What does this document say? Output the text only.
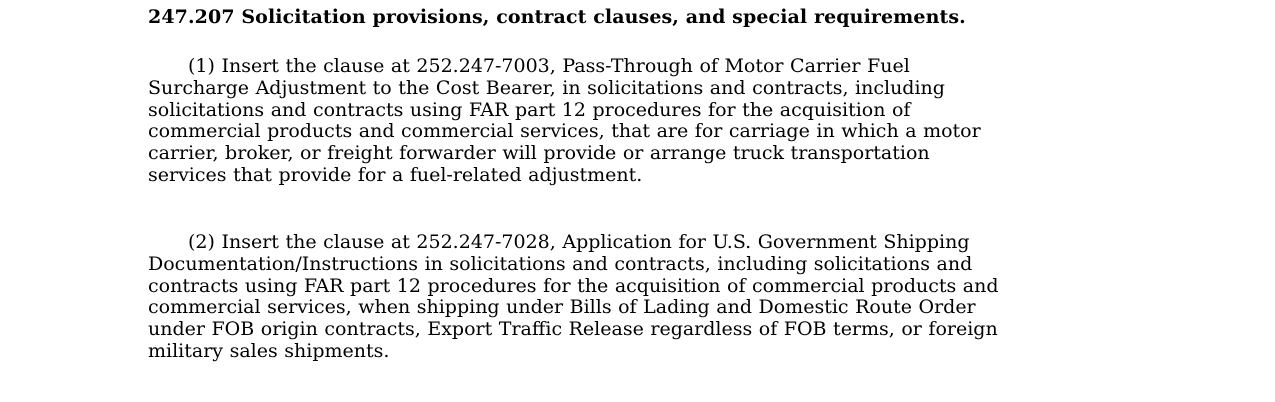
247.207 Solicitation provisions, contract clauses, and special requirements.

(1) Insert the clause at 252.247-7003, Pass-Through of Motor Carrier Fuel
Surcharge Adjustment to the Cost Bearer, in solicitations and contracts, including
solicitations and contracts using FAR part 12 procedures for the acquisition of
commercial products and commercial services, that are for carriage in which a motor
carrier, broker, or freight forwarder will provide or arrange truck transportation
services that provide for a fuel-related adjustment.

(2) Insert the clause at 252.247-7028, Application for U.S. Government Shipping
Documentation/Instructions in solicitations and contracts, including solicitations and
contracts using FAR part 12 procedures for the acquisition of commercial products and
commercial services, when shipping under Bills of Lading and Domestic Route Order
under FOB origin contracts, Export Traffic Release regardless of FOB terms, or foreign
military sales shipments.
